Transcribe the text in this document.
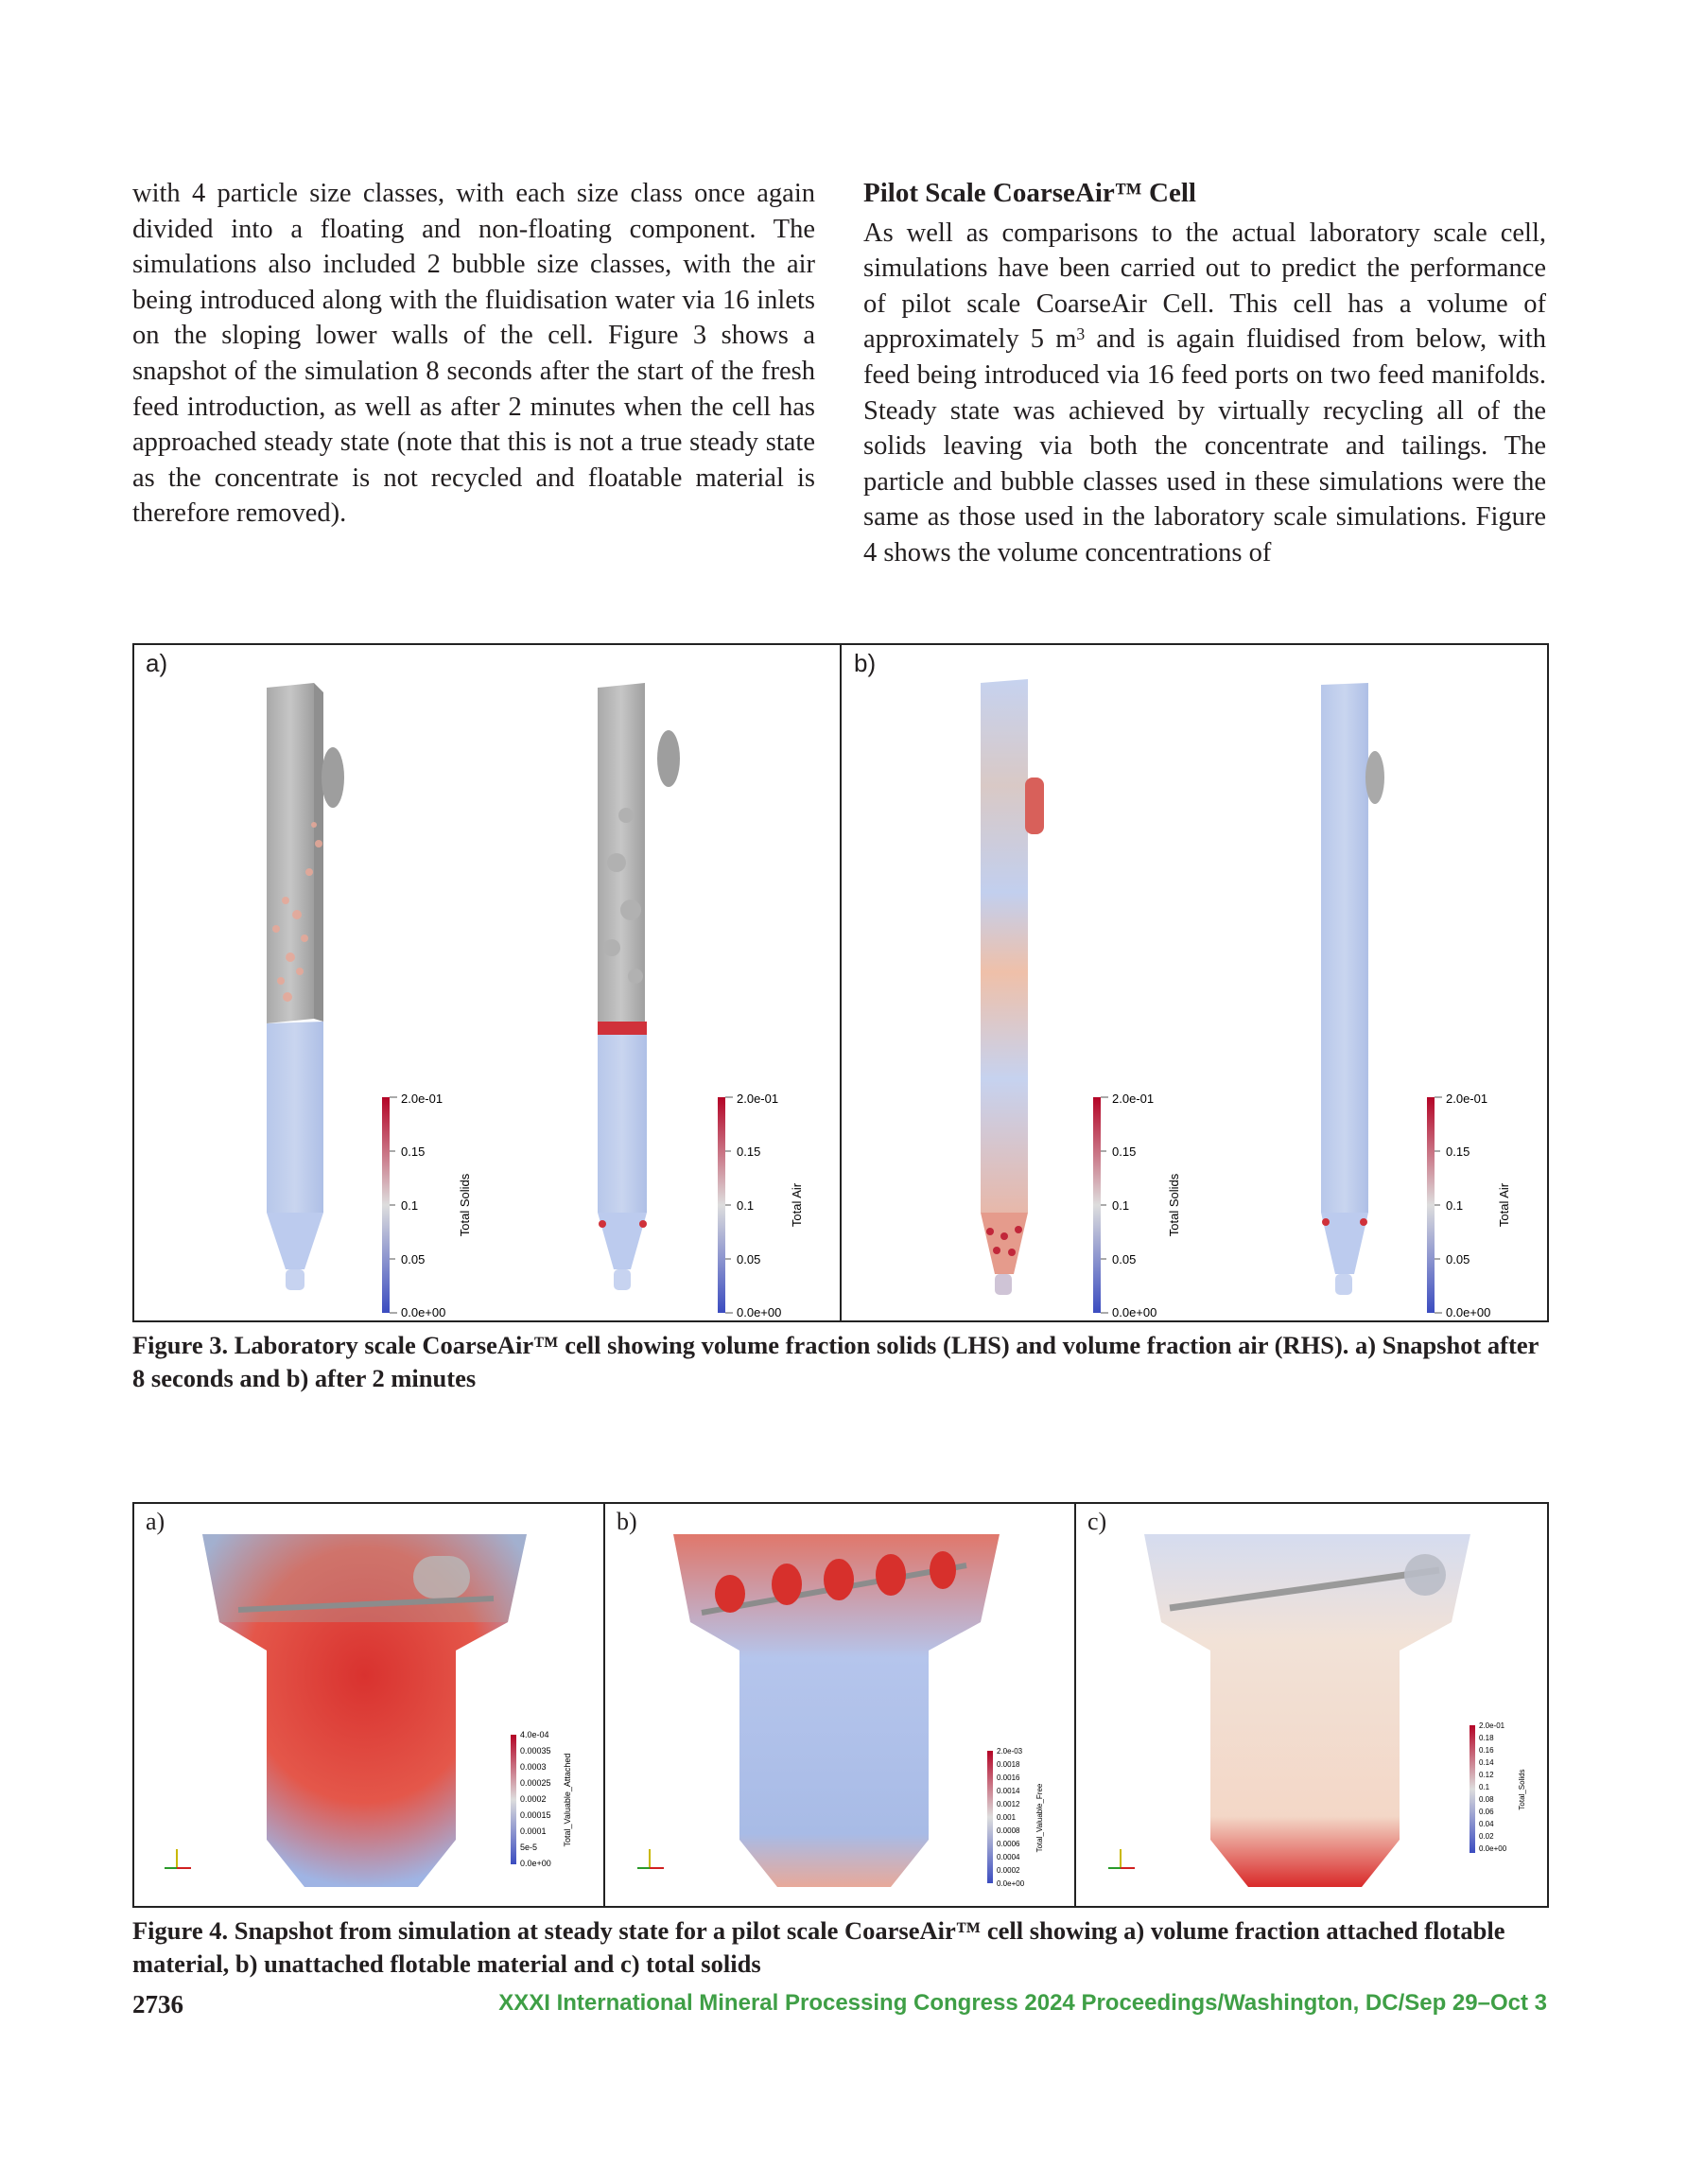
with 4 particle size classes, with each size class once again divided into a floating and non-floating component. The simulations also included 2 bubble size classes, with the air being introduced along with the fluidisation water via 16 inlets on the sloping lower walls of the cell. Figure 3 shows a snapshot of the simulation 8 seconds after the start of the fresh feed introduction, as well as after 2 minutes when the cell has approached steady state (note that this is not a true steady state as the concentrate is not recycled and floatable material is therefore removed).

Pilot Scale CoarseAir™ Cell

As well as comparisons to the actual laboratory scale cell, simulations have been carried out to predict the performance of pilot scale CoarseAir Cell. This cell has a volume of approximately 5 $m^3$ and is again fluidised from below, with feed being introduced via 16 feed ports on two feed manifolds. Steady state was achieved by virtually recycling all of the solids leaving via both the concentrate and tailings. The particle and bubble classes used in these simulations were the same as those used in the laboratory scale simulations. Figure 4 shows the volume concentrations of

2.0e-01
0.15
0.1
0.05
0.0e+00
Total Solids
2.0e-01
0.15
0.1
0.05
0.0e+00
Total Air
2.0e-01
0.15
0.1
0.05
0.0e+00
Total Solids
2.0e-01
0.15
0.1
0.05
0.0e+00
Total Air
a)	b)
Figure 3. Laboratory scale CoarseAir™ cell showing volume fraction solids (LHS) and volume fraction air (RHS). a) Snapshot after 8 seconds and b) after 2 minutes
4.0e-04
0.00035
0.0003
0.00025
0.0002
0.00015
0.0001
5e-5
0.0e+00
Total_Valuable_Attached
2.0e-03
0.0018
0.0016
0.0014
0.0012
0.001
0.0008
0.0006
0.0004
0.0002
0.0e+00
Total_Valuable_Free
2.0e-01
0.18
0.16
0.14
0.12
0.1
0.08
0.06
0.04
0.02
0.0e+00
Total_Solids
a)	b)	c)
Figure 4. Snapshot from simulation at steady state for a pilot scale CoarseAir™ cell showing a) volume fraction attached flotable material, b) unattached flotable material and c) total solids
2736	XXXI International Mineral Processing Congress 2024 Proceedings/Washington, DC/Sep 29–Oct 3
